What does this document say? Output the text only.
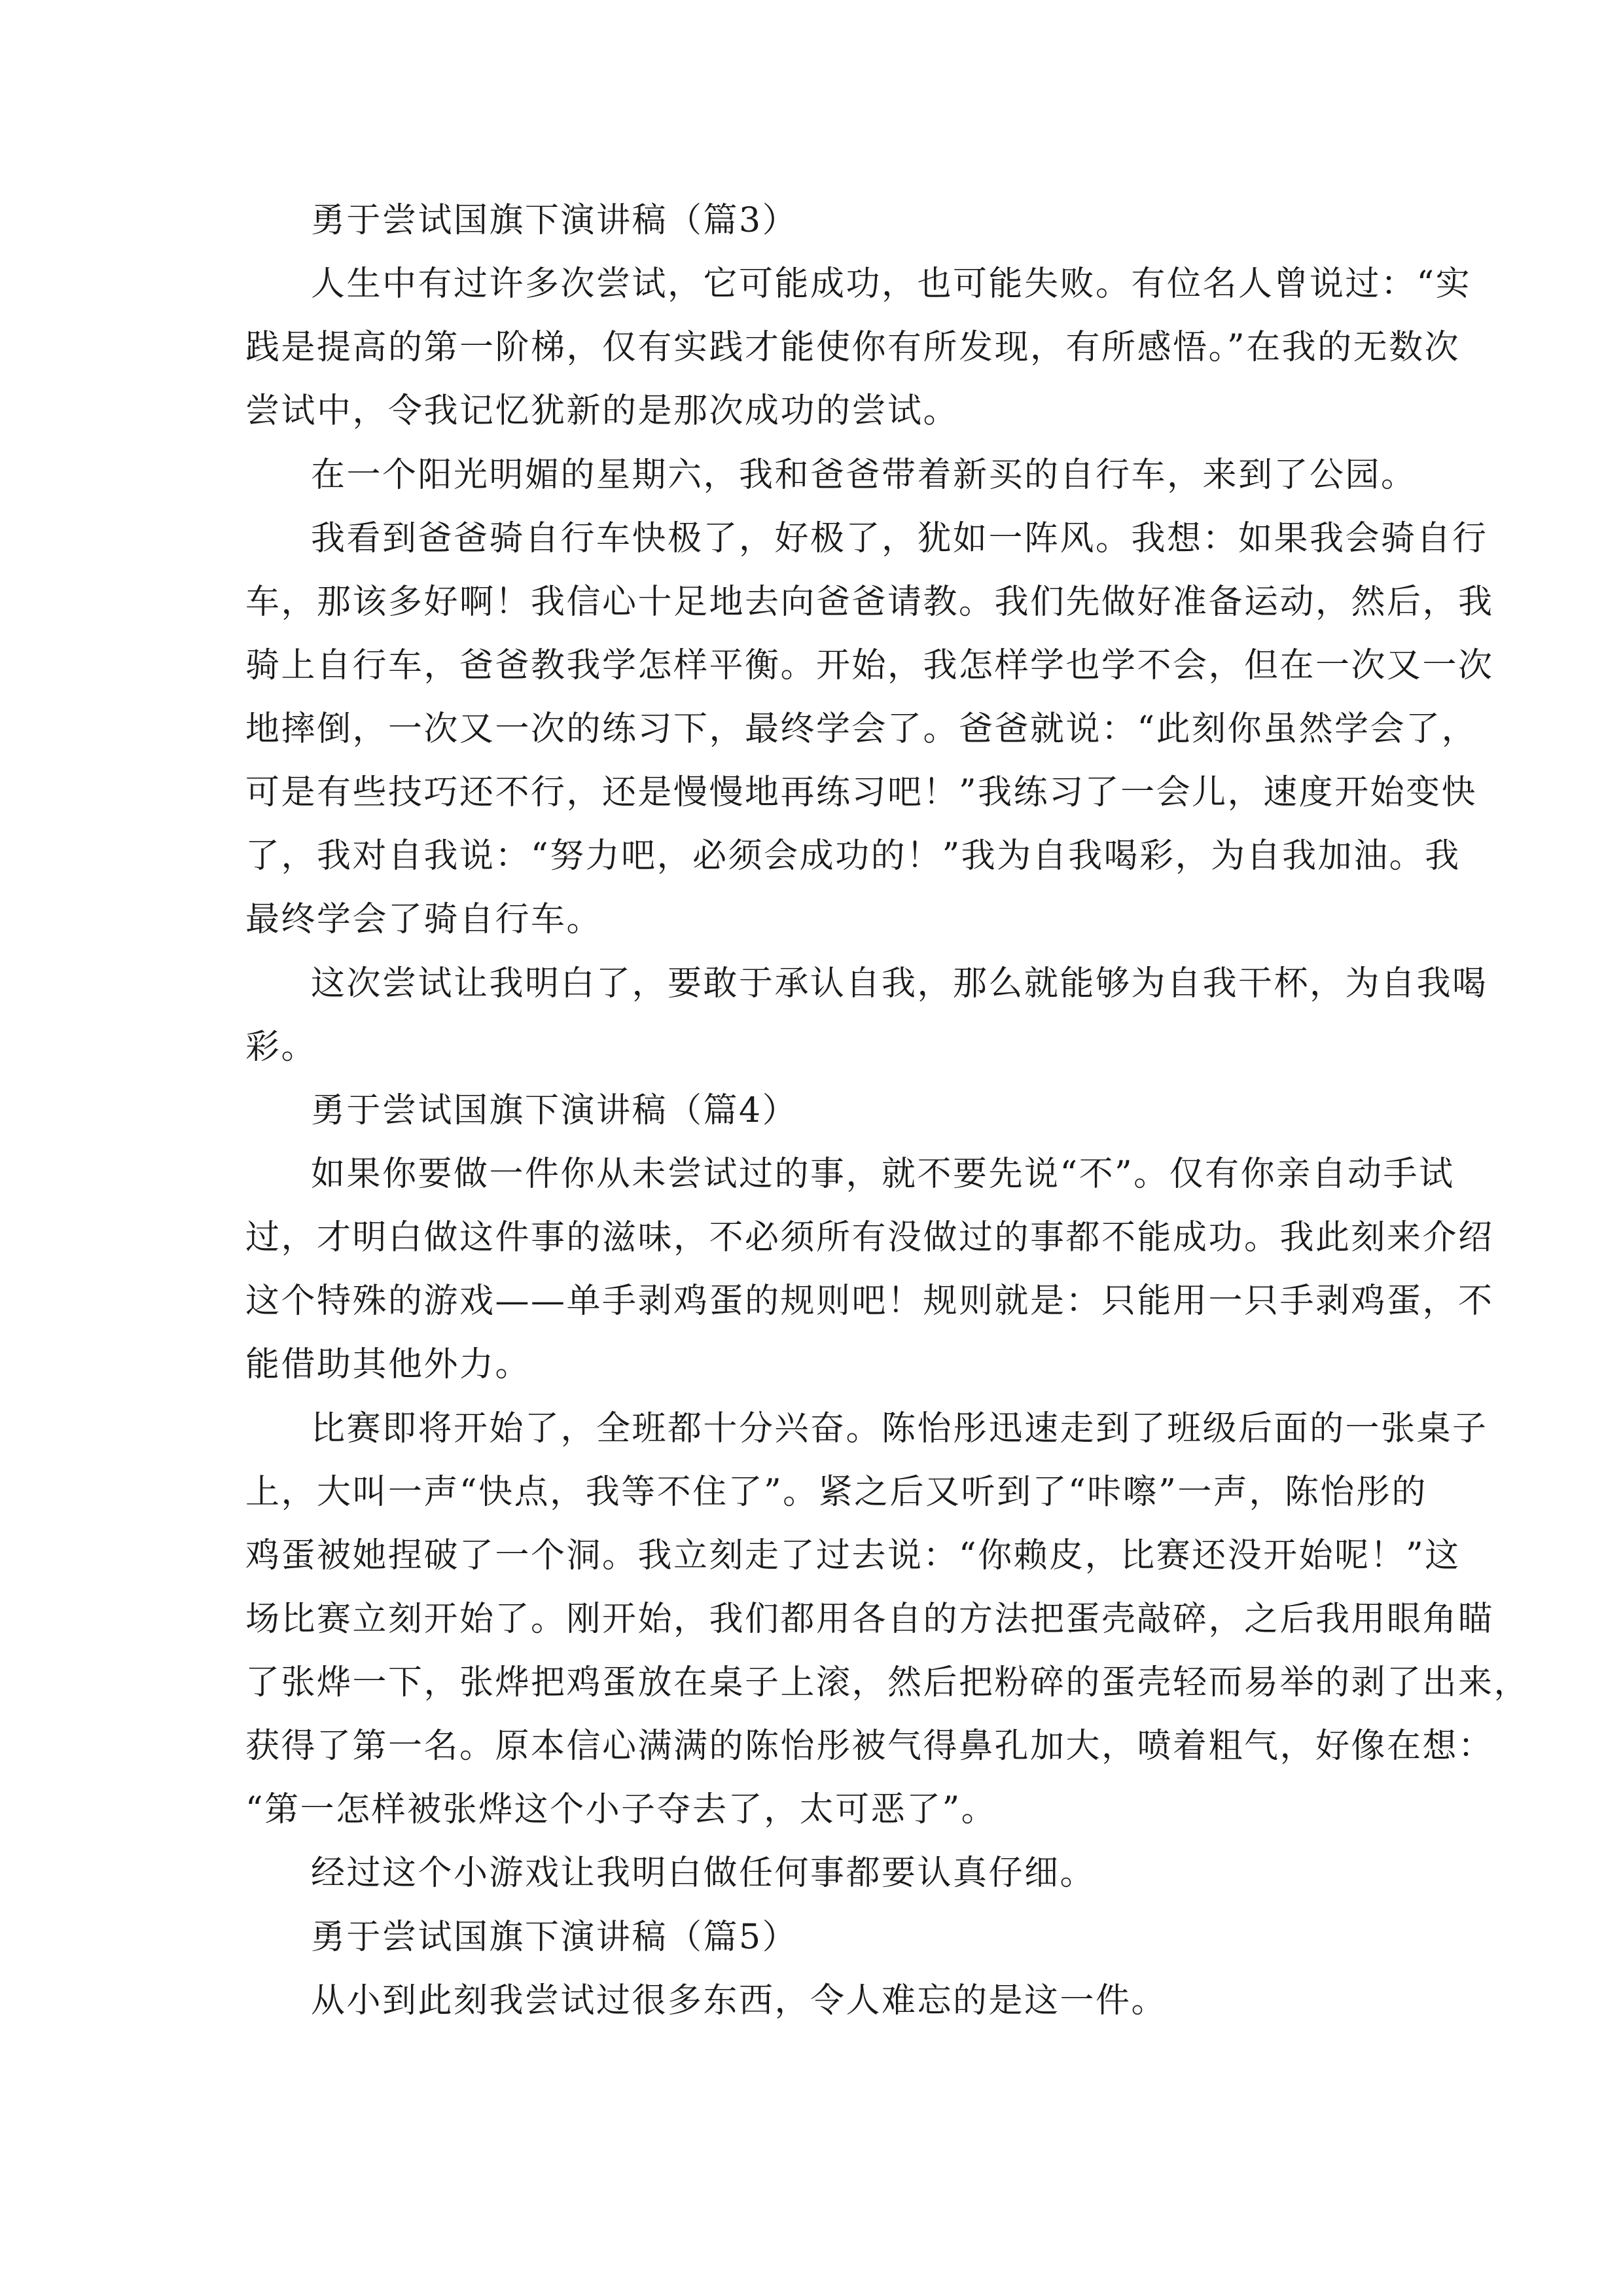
勇于尝试国旗下演讲稿（篇3）
人生中有过许多次尝试，它可能成功，也可能失败。有位名人曾说过：“实
践是提高的第一阶梯，仅有实践才能使你有所发现，有所感悟。”在我的无数次
尝试中，令我记忆犹新的是那次成功的尝试。
在一个阳光明媚的星期六，我和爸爸带着新买的自行车，来到了公园。
我看到爸爸骑自行车快极了，好极了，犹如一阵风。我想：如果我会骑自行
车，那该多好啊！我信心十足地去向爸爸请教。我们先做好准备运动，然后，我
骑上自行车，爸爸教我学怎样平衡。开始，我怎样学也学不会，但在一次又一次
地摔倒，一次又一次的练习下，最终学会了。爸爸就说：“此刻你虽然学会了，
可是有些技巧还不行，还是慢慢地再练习吧！”我练习了一会儿，速度开始变快
了，我对自我说：“努力吧，必须会成功的！”我为自我喝彩，为自我加油。我
最终学会了骑自行车。
这次尝试让我明白了，要敢于承认自我，那么就能够为自我干杯，为自我喝
彩。
勇于尝试国旗下演讲稿（篇4）
如果你要做一件你从未尝试过的事，就不要先说“不”。仅有你亲自动手试
过，才明白做这件事的滋味，不必须所有没做过的事都不能成功。我此刻来介绍
这个特殊的游戏——单手剥鸡蛋的规则吧！规则就是：只能用一只手剥鸡蛋，不
能借助其他外力。
比赛即将开始了，全班都十分兴奋。陈怡彤迅速走到了班级后面的一张桌子
上，大叫一声“快点，我等不住了”。紧之后又听到了“咔嚓”一声，陈怡彤的
鸡蛋被她捏破了一个洞。我立刻走了过去说：“你赖皮，比赛还没开始呢！”这
场比赛立刻开始了。刚开始，我们都用各自的方法把蛋壳敲碎，之后我用眼角瞄
了张烨一下，张烨把鸡蛋放在桌子上滚，然后把粉碎的蛋壳轻而易举的剥了出来，
获得了第一名。原本信心满满的陈怡彤被气得鼻孔加大，喷着粗气，好像在想：
“第一怎样被张烨这个小子夺去了，太可恶了”。
经过这个小游戏让我明白做任何事都要认真仔细。
勇于尝试国旗下演讲稿（篇5）
从小到此刻我尝试过很多东西，令人难忘的是这一件。
